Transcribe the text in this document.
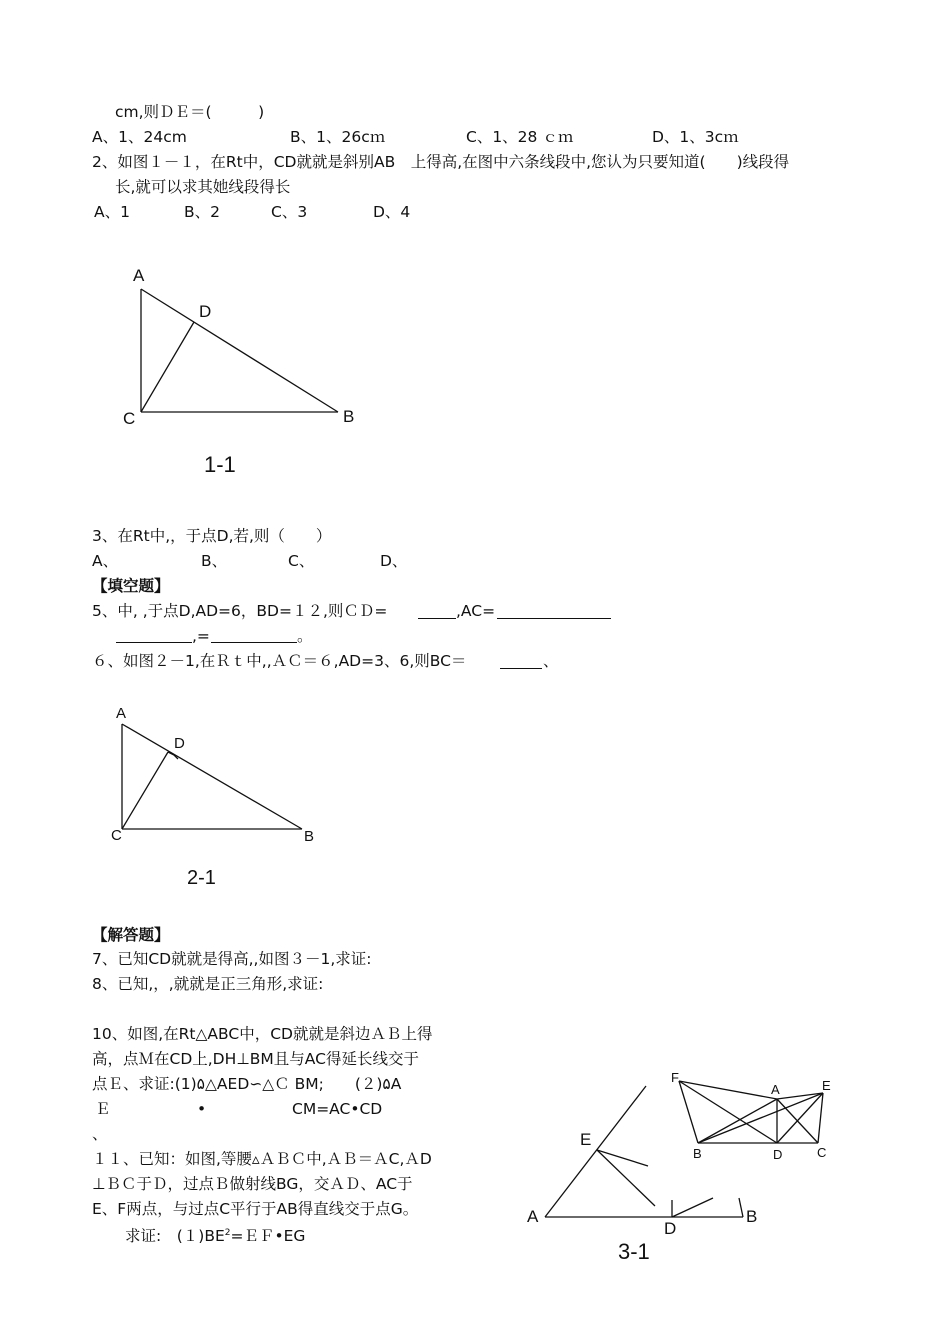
cm,则ＤＥ＝(　　　)
A、1、24cm	B、1、26cｍ	C、1、28 ｃｍ	D、1、3cｍ
2、如图１－１，在Rt中，CD就就是斜别AB　上得高,在图中六条线段中,您认为只要知道(　　)线段得
长,就可以求其她线段得长
A、1	B、2	C、3	D、4
3、在Rt中,，于点D,若,则（　　）
A、	B、	C、	D、
【填空题】
5、中, ,于点D,AD=6，BD=１２,则ＣＤ=	,AC=
,=	。
６、如图２－1,在Ｒｔ中,,ＡＣ＝６,AD=3、6,则BC＝	、
【解答题】
7、已知CD就就是得高,,如图３－1,求证:
8、已知,，,就就是正三角形,求证:
10、如图,在Rt△ABC中，CD就就是斜边ＡＢ上得
高，点Ｍ在CD上,DH⊥BM且与AC得延长线交于
点Ｅ、求证:(1)۵△AED∽△Ｃ BM;　　(２)۵A
Ｅ	•	CM=AC•CD
、
１１、已知：如图,等腰▵ＡＢＣ中,ＡＢ＝ＡC,ＡD
⊥ＢＣ于Ｄ，过点Ｂ做射线BG，交ＡＤ、AC于
E、F两点，与过点C平行于AB得直线交于点G。
求证:　$(1)BE^2=EF•EG$
A
D
C	B
1-1
A
D
C	B
2-1
E
A
D
B
3-1
F
A	E
B	D	C
